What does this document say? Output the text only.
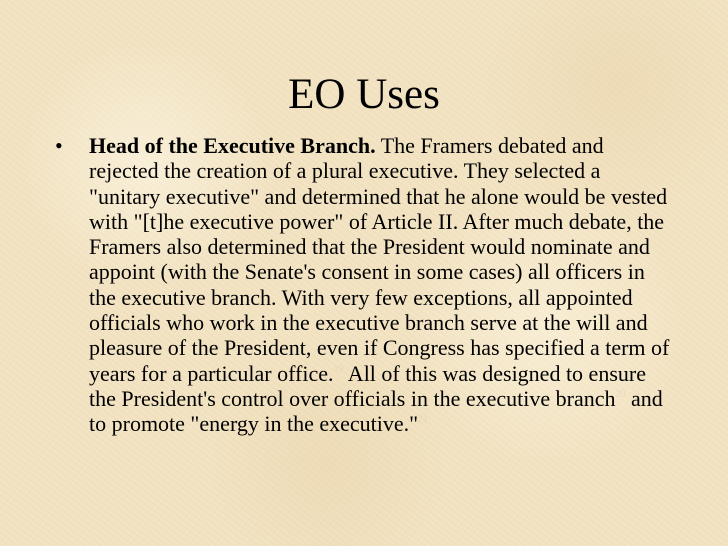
EO Uses
•	Head of the Executive Branch. The Framers debated and rejected the creation of a plural executive. They selected a "unitary executive" and determined that he alone would be vested with "[t]he executive power" of Article II. After much debate, the Framers also determined that the President would nominate and appoint (with the Senate's consent in some cases) all officers in the executive branch. With very few exceptions, all appointed officials who work in the executive branch serve at the will and pleasure of the President, even if Congress has specified a term of years for a particular office.$^{19}$ All of this was designed to ensure the President's control over officials in the executive branch$^{20}$ and to promote "energy in the executive."$^{21}$
